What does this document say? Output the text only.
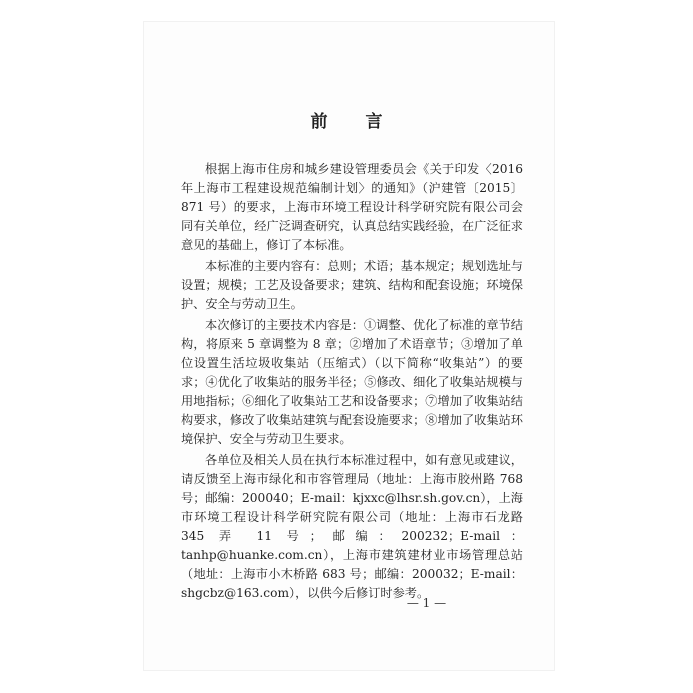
前 言

根据上海市住房和城乡建设管理委员会《关于印发〈2016 年上海市工程建设规范编制计划〉的通知》（沪建管〔2015〕871 号）的要求，上海市环境工程设计科学研究院有限公司会同有关单位，经广泛调查研究，认真总结实践经验，在广泛征求意见的基础上，修订了本标准。

本标准的主要内容有：总则；术语；基本规定；规划选址与设置；规模；工艺及设备要求；建筑、结构和配套设施；环境保护、安全与劳动卫生。

本次修订的主要技术内容是：①调整、优化了标准的章节结构，将原来 5 章调整为 8 章；②增加了术语章节；③增加了单位设置生活垃圾收集站（压缩式）（以下简称“收集站”）的要求；④优化了收集站的服务半径；⑤修改、细化了收集站规模与用地指标；⑥细化了收集站工艺和设备要求；⑦增加了收集站结构要求，修改了收集站建筑与配套设施要求；⑧增加了收集站环境保护、安全与劳动卫生要求。

各单位及相关人员在执行本标准过程中，如有意见或建议，请反馈至上海市绿化和市容管理局（地址：上海市胶州路 768 号；邮编：200040；E-mail：kjxxc@lhsr.sh.gov.cn），上海市环境工程设计科学研究院有限公司（地址：上海市石龙路 345 弄 11 号；邮编：200232；E-mail：tanhp@huanke.com.cn），上海市建筑建材业市场管理总站（地址：上海市小木桥路 683 号；邮编：200032；E-mail：shgcbz@163.com），以供今后修订时参考。

— 1 —
